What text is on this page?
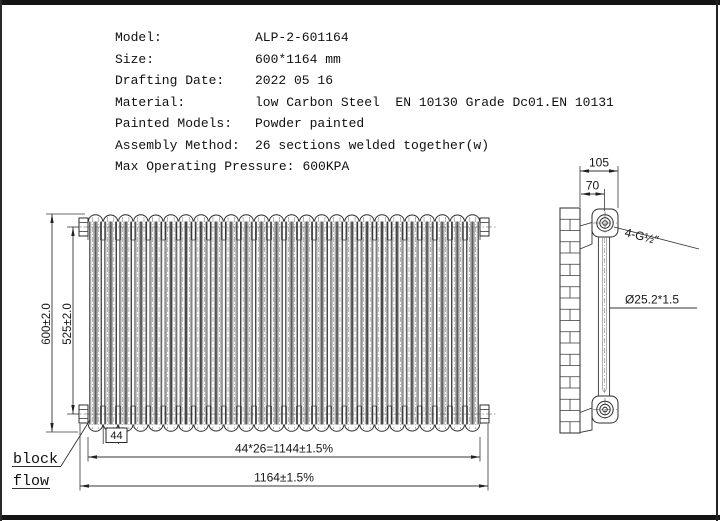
Model:	ALP-2-601164
Size:	600*1164 mm
Drafting Date:	2022 05 16
Material:	low Carbon Steel  EN 10130 Grade Dc01.EN 10131
Painted Models:	Powder painted
Assembly Method:	26 sections welded together(w)
Max Operating Pressure: 600KPA
600±2.0 525±2.0
44
44*26=1144±1.5%
1164±1.5%
block
flow
105
70
4-G½″
Ø25.2*1.5
